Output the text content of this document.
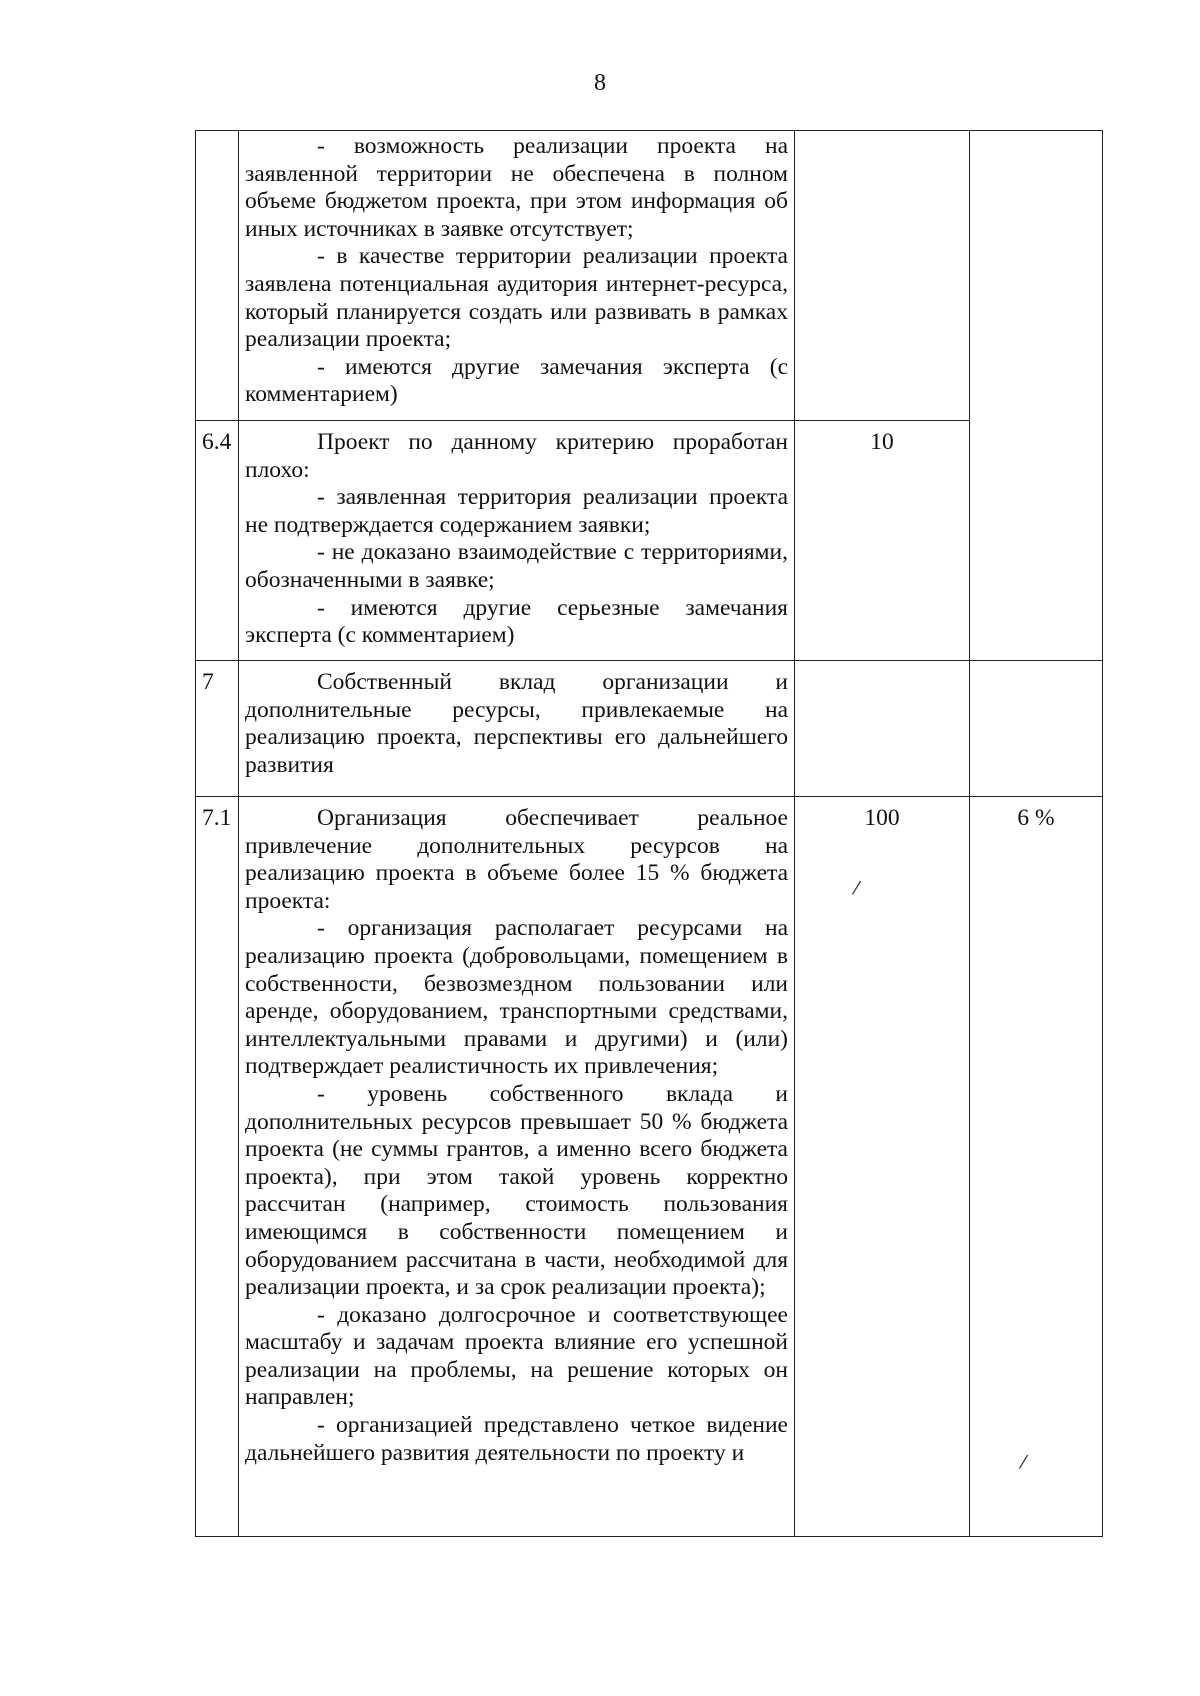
8

	- возможность реализации проекта на заявленной территории не обеспечена в полном объеме бюджетом проекта, при этом информация об иных источниках в заявке отсутствует;

- в качестве территории реализации проекта заявлена потенциальная аудитория интернет-ресурса, который планируется создать или развивать в рамках реализации проекта;

- имеются другие замечания эксперта (с комментарием)		

6.4	Проект по данному критерию проработан плохо:

- заявленная территория реализации проекта не подтверждается содержанием заявки;

- не доказано взаимодействие с территориями, обозначенными в заявке;

- имеются другие серьезные замечания эксперта (с комментарием)	10	
7	Собственный вклад организации и дополнительные ресурсы, привлекаемые на реализацию проекта, перспективы его дальнейшего развития		

7.1	Организация обеспечивает реальное привлечение дополнительных ресурсов на реализацию проекта в объеме более 15 % бюджета проекта:

- организация располагает ресурсами на реализацию проекта (добровольцами, помещением в собственности, безвозмездном пользовании или аренде, оборудованием, транспортными средствами, интеллектуальными правами и другими) и (или) подтверждает реалистичность их привлечения;

- уровень собственного вклада и дополнительных ресурсов превышает 50 % бюджета проекта (не суммы грантов, а именно всего бюджета проекта), при этом такой уровень корректно рассчитан (например, стоимость пользования имеющимся в собственности помещением и оборудованием рассчитана в части, необходимой для реализации проекта, и за срок реализации проекта);

- доказано долгосрочное и соответствующее масштабу и задачам проекта влияние его успешной реализации на проблемы, на решение которых он направлен;

- организацией представлено четкое видение дальнейшего развития деятельности по проекту и	100	6 %
⁄
⁄
